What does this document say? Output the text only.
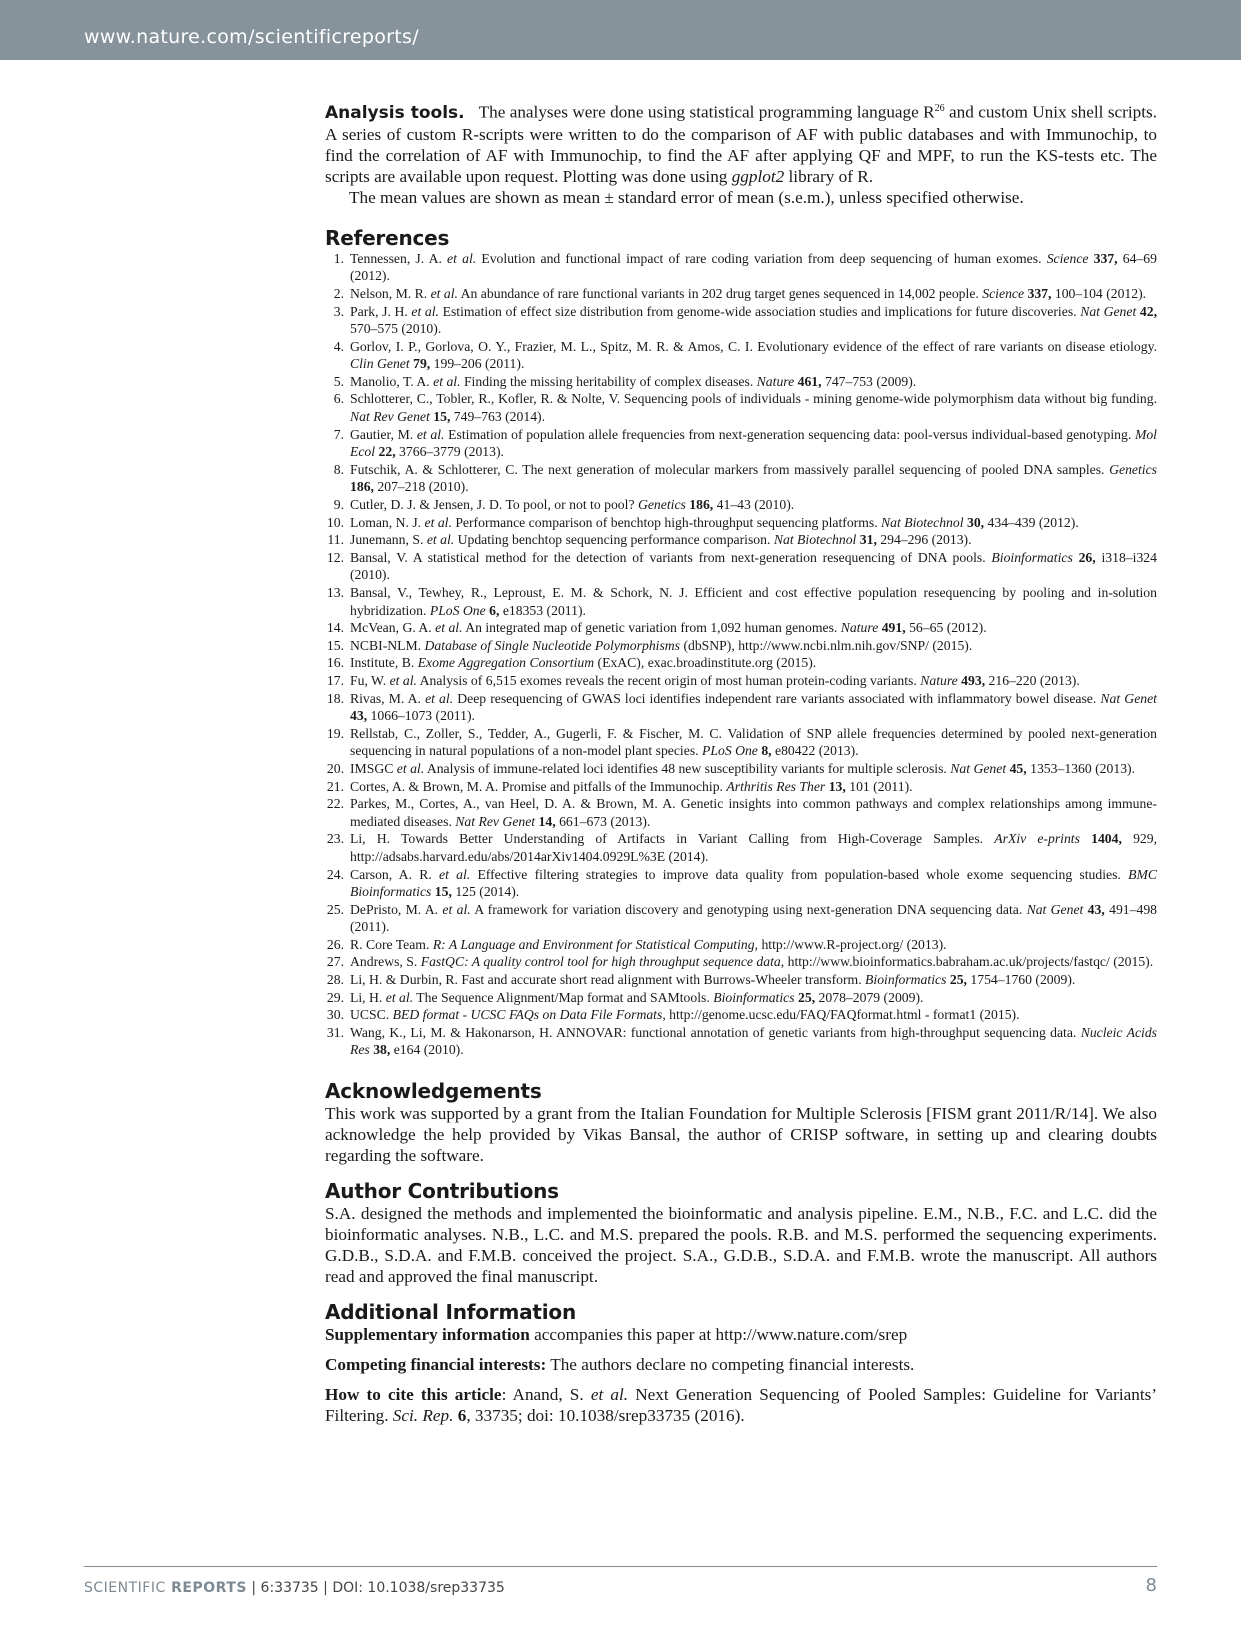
www.nature.com/scientificreports/

Analysis tools. The analyses were done using statistical programming language $R^{26}$ and custom Unix shell scripts. A series of custom R-scripts were written to do the comparison of AF with public databases and with Immunochip, to find the correlation of AF with Immunochip, to find the AF after applying QF and MPF, to run the KS-tests etc. The scripts are available upon request. Plotting was done using ggplot2 library of R.

The mean values are shown as mean ± standard error of mean (s.e.m.), unless specified otherwise.

References
1. Tennessen, J. A. et al. Evolution and functional impact of rare coding variation from deep sequencing of human exomes. Science 337, 64–69 (2012).
2. Nelson, M. R. et al. An abundance of rare functional variants in 202 drug target genes sequenced in 14,002 people. Science 337, 100–104 (2012).
3. Park, J. H. et al. Estimation of effect size distribution from genome-wide association studies and implications for future discoveries. Nat Genet 42, 570–575 (2010).
4. Gorlov, I. P., Gorlova, O. Y., Frazier, M. L., Spitz, M. R. & Amos, C. I. Evolutionary evidence of the effect of rare variants on disease etiology. Clin Genet 79, 199–206 (2011).
5. Manolio, T. A. et al. Finding the missing heritability of complex diseases. Nature 461, 747–753 (2009).
6. Schlotterer, C., Tobler, R., Kofler, R. & Nolte, V. Sequencing pools of individuals - mining genome-wide polymorphism data without big funding. Nat Rev Genet 15, 749–763 (2014).
7. Gautier, M. et al. Estimation of population allele frequencies from next-generation sequencing data: pool-versus individual-based genotyping. Mol Ecol 22, 3766–3779 (2013).
8. Futschik, A. & Schlotterer, C. The next generation of molecular markers from massively parallel sequencing of pooled DNA samples. Genetics 186, 207–218 (2010).
9. Cutler, D. J. & Jensen, J. D. To pool, or not to pool? Genetics 186, 41–43 (2010).
10. Loman, N. J. et al. Performance comparison of benchtop high-throughput sequencing platforms. Nat Biotechnol 30, 434–439 (2012).
11. Junemann, S. et al. Updating benchtop sequencing performance comparison. Nat Biotechnol 31, 294–296 (2013).
12. Bansal, V. A statistical method for the detection of variants from next-generation resequencing of DNA pools. Bioinformatics 26, i318–i324 (2010).
13. Bansal, V., Tewhey, R., Leproust, E. M. & Schork, N. J. Efficient and cost effective population resequencing by pooling and in-solution hybridization. PLoS One 6, e18353 (2011).
14. McVean, G. A. et al. An integrated map of genetic variation from 1,092 human genomes. Nature 491, 56–65 (2012).
15. NCBI-NLM. Database of Single Nucleotide Polymorphisms (dbSNP), http://www.ncbi.nlm.nih.gov/SNP/ (2015).
16. Institute, B. Exome Aggregation Consortium (ExAC), exac.broadinstitute.org (2015).
17. Fu, W. et al. Analysis of 6,515 exomes reveals the recent origin of most human protein-coding variants. Nature 493, 216–220 (2013).
18. Rivas, M. A. et al. Deep resequencing of GWAS loci identifies independent rare variants associated with inflammatory bowel disease. Nat Genet 43, 1066–1073 (2011).
19. Rellstab, C., Zoller, S., Tedder, A., Gugerli, F. & Fischer, M. C. Validation of SNP allele frequencies determined by pooled next-generation sequencing in natural populations of a non-model plant species. PLoS One 8, e80422 (2013).
20. IMSGC et al. Analysis of immune-related loci identifies 48 new susceptibility variants for multiple sclerosis. Nat Genet 45, 1353–1360 (2013).
21. Cortes, A. & Brown, M. A. Promise and pitfalls of the Immunochip. Arthritis Res Ther 13, 101 (2011).
22. Parkes, M., Cortes, A., van Heel, D. A. & Brown, M. A. Genetic insights into common pathways and complex relationships among immune-mediated diseases. Nat Rev Genet 14, 661–673 (2013).
23. Li, H. Towards Better Understanding of Artifacts in Variant Calling from High-Coverage Samples. ArXiv e-prints 1404, 929, http://adsabs.harvard.edu/abs/2014arXiv1404.0929L%3E (2014).
24. Carson, A. R. et al. Effective filtering strategies to improve data quality from population-based whole exome sequencing studies. BMC Bioinformatics 15, 125 (2014).
25. DePristo, M. A. et al. A framework for variation discovery and genotyping using next-generation DNA sequencing data. Nat Genet 43, 491–498 (2011).
26. R. Core Team. R: A Language and Environment for Statistical Computing, http://www.R-project.org/ (2013).
27. Andrews, S. FastQC: A quality control tool for high throughput sequence data, http://www.bioinformatics.babraham.ac.uk/projects/fastqc/ (2015).
28. Li, H. & Durbin, R. Fast and accurate short read alignment with Burrows-Wheeler transform. Bioinformatics 25, 1754–1760 (2009).
29. Li, H. et al. The Sequence Alignment/Map format and SAMtools. Bioinformatics 25, 2078–2079 (2009).
30. UCSC. BED format - UCSC FAQs on Data File Formats, http://genome.ucsc.edu/FAQ/FAQformat.html - format1 (2015).
31. Wang, K., Li, M. & Hakonarson, H. ANNOVAR: functional annotation of genetic variants from high-throughput sequencing data. Nucleic Acids Res 38, e164 (2010).
Acknowledgements

This work was supported by a grant from the Italian Foundation for Multiple Sclerosis [FISM grant 2011/R/14]. We also acknowledge the help provided by Vikas Bansal, the author of CRISP software, in setting up and clearing doubts regarding the software.

Author Contributions

S.A. designed the methods and implemented the bioinformatic and analysis pipeline. E.M., N.B., F.C. and L.C. did the bioinformatic analyses. N.B., L.C. and M.S. prepared the pools. R.B. and M.S. performed the sequencing experiments. G.D.B., S.D.A. and F.M.B. conceived the project. S.A., G.D.B., S.D.A. and F.M.B. wrote the manuscript. All authors read and approved the final manuscript.

Additional Information

Supplementary information accompanies this paper at http://www.nature.com/srep

Competing financial interests: The authors declare no competing financial interests.

How to cite this article: Anand, S. et al. Next Generation Sequencing of Pooled Samples: Guideline for Variants’ Filtering. Sci. Rep. 6, 33735; doi: 10.1038/srep33735 (2016).

SCIENTIFIC REPORTS | 6:33735 | DOI: 10.1038/srep33735	8
